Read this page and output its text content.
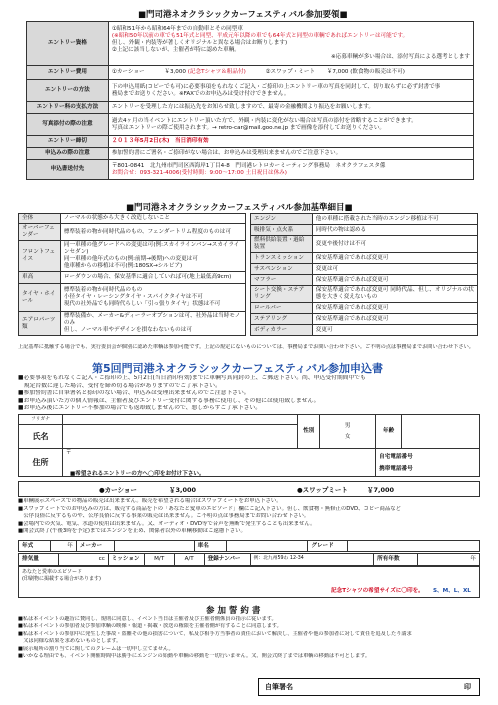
■門司港ネオクラシックカーフェスティバル参加要領■
エントリー資格	①昭和51年から昭和64年までの自動車とその同型車
(※昭和50年以前の車でも51年式と同型、平成元年以降の車でも64年式と同型の車輌であればエントリーは可能です。
但し、外観・内装等が著しくオリジナルと異なる場合はお断りします)
②上記に該当しないが、主催者が特に認めた車輌。
※応募車輌が多い場合は、添付写真による選考とします

エントリー費用	①カーショー ￥3,000 (記念Tシャツ＆粗品付) ②スワップ・ミート ￥7,000 (飲食物の販売は不可)
エントリーの方法	下の申込用紙(コピーでも可)に必要事項をもれなくご記入・ご捺印の上エントリー車の写真を同封して、切り取らずに必ず封書で事
務局までお送りください。※FAXでのお申込みは受け付けできません。

エントリー料の支払方法	エントリーを受理した方には振込先をお知らせ致しますので、最寄の金融機関より振込をお願いします。
写真添付の際の注意	過去4ヶ月の当イベントにエントリー頂いた方で、外観・内装に変化がない場合は写真の添付を省略することができます。
写真はエントリーの際ご使用されます。→ retro-car@mail.goo.ne.jp まで画像を添付してお送りください。

エントリー締切	２０１３年5月2日(木)　当日消印有効
申込みの際の注意	参加誓約書にご署名・ご捺印がない場合は、お申込みは受理出来ませんのでご注意下さい。
申込書送付先	〒801-0841　北九州市門司区西海岸1丁目4-8　門司港レトロカーミーティング事務局　ネオクラフェスタ係
お問合せ：093-321-4006(受付時間：9:00～17:00 土日祝日は休み)
■門司港ネオクラシックカーフェスティバル参加基準細目■
全体	ノーマルの状態から大きく改造しないこと
オーバーフェンダー	標準装着の物か同時代品のもの、フェンダートリム程度のものは可
フロントフェイス	同一車種の他グレードへの変更は可(例:スカイラインバン→スカイラインセダン)
同一車種の他年式のもの(例:前期→後期)への変更は可
他車種からの移植は不可(例:180SX→シルビア)
車高	ローダウンの場合、保安基準に適合していれば可(地上最低高9cm)
タイヤ・ホイール	標準装着の物か同時代品のもの
小径タイヤ・レーシングタイヤ・スパイクタイヤは不可
現代の社外品でも同時代らしい「引っ張りタイヤ」状態は不可
エアロパーツ類	標準装備か、メーカー&ディーラーオプションは可、社外品は当時モノのみ
但し、ノーマル車やデザインを損なわないものは可
エンジン	他の車種に搭載された当時のエンジン移植は不可
吸排気・点火系	同時代の物は認める
燃料供給装置・過給装置	変更や後付けは不可
トランスミッション	保安基準適合であれば変更可
サスペンション	変更は可
マフラー	保安基準適合であれば変更可
シート交換・ステアリング	保安基準適合であれば変更可 同時代品、但し、オリジナルの状態を大きく変えないもの
ロールバー	保安基準適合であれば変更可
ステアリング	保安基準適合であれば変更可
ボディカラー	変更可
上記基準に抵触する場合でも、実行委員会が個別に認めた車輌は参加可能です。上記の規定にないものについては、事務局までお問い合わせ下さい。ご不明の点は事務局までお問い合わせ下さい。
第5回門司港ネオクラシックカーフェスティバル参加申込書
■必要事項をもれなくご記入・ご捺印の上、5月2日(当日消印有効)までに車輌写真同封の上、ご郵送下さい。尚、申込受付期間中でも
　規定台数に達した場合、受付を締め切る場合がありますのでご了承下さい。
■参加誓約書に自筆署名と捺印のない場合、申込みは受理出来ませんのでご注意下さい。
■お申込み頂いた方の個人情報は、主催者及びエントリー受付に関する事務に使用し、その他には使用致しません。
■お申込み後にエントリー不参加の場合でも返却致しませんので、悪しからずご了承下さい。
フリガナ		性別	男
女	年齢	
氏名					
住所	〒			自宅電話番号
携帯電話番号	
■希望されるエントリーの方へ◯印をお付け下さい。
●カーショー	￥3,000	●スワップミート	￥7,000
■車輌展示スペースでの物品の販売は出来ません。販売を希望される場合はスワップミートをお申込下さい。
■スワップミートでのお申込みの方は、販売する商品を下の「あなたと愛車のエピソード」欄にご記入下さい。但し、飲食物・無修正のDVD、コピー商品など
　公序良俗に反するものや、公序良俗に反する事業の販売は出来ません。ご不明の点は事務局までお問い合わせ下さい。
■会場内での火気、電気、水道の使用は出来ません。又、オーディオ・DVD等で音声を無断で発生することも出来ません。
■開会式終了(午後3時を予定)まではエンジンを止め、関係者以外の車輌移動はご遠慮下さい。
年式	年	メーカー		車名		グレード	
排気量	cc	ミッション	M/T	A/T	登録ナンバー	例：北九州59わ 12-34	所有年数	年
あなたと愛車のエピソード
(印刷物に掲載する場合があります)
記念Tシャツの希望サイズに〇印を。 S、M、L、XL
参 加 誓 約 書
■私は本イベントの趣旨に賛同し、規則に同意し、イベント当日は主催者及び主催者側係員の指示に従います。
■私は本イベントの参加者及び参加車輌の映像・報道・掲載・放送の権限を主催者側が有することに同意します。
■私は本イベントの参加中に発生した事故・盗難その他の損害について、私及び相手方当事者の責任において解決し、主催者や他の参加者に対して責任を追及したり請求
　又は同様な結果を求めないものとします。
■展示場所の割り当てに関してのクレームは一切申し立てません。
■いかなる理由でも、イベント開催時間中は勝手にエンジンの始動や車輌の移動を一切行いません。又、開会式終了までは車輌の移動は不可とします。
自筆署名	印
